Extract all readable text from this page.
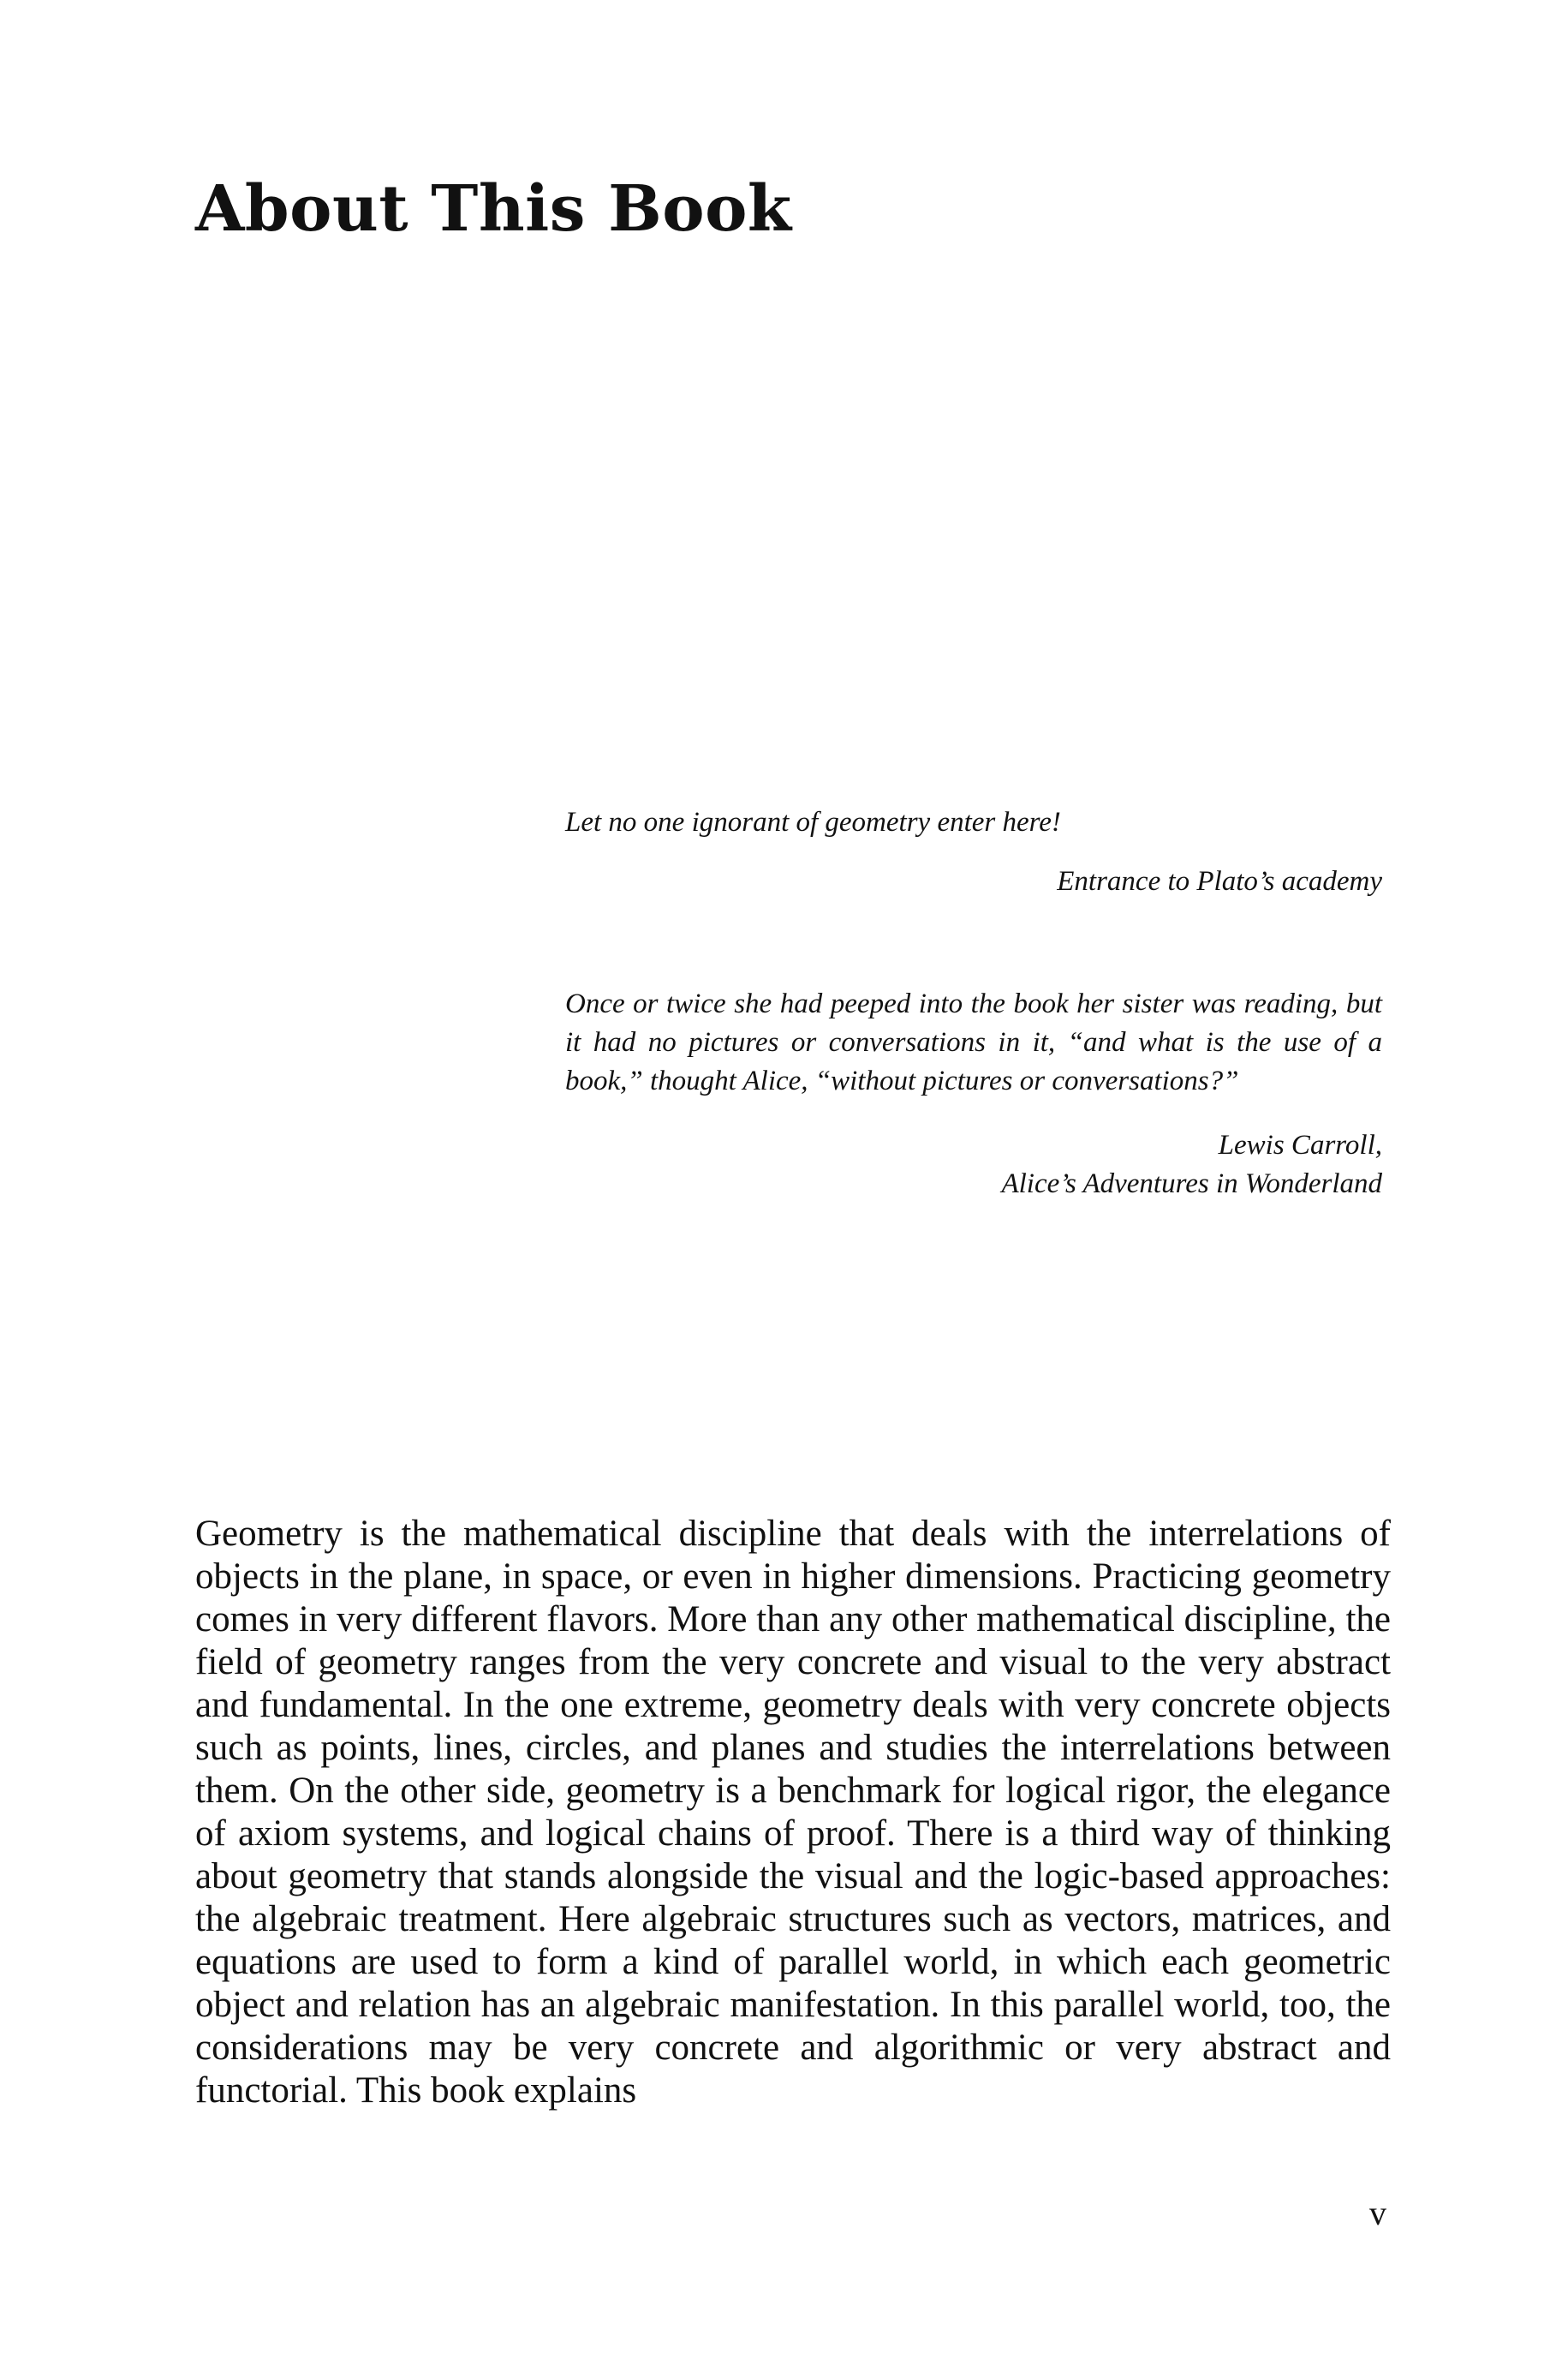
About This Book

Let no one ignorant of geometry enter here!

Entrance to Plato’s academy

Once or twice she had peeped into the book her sister was reading, but it had no pictures or conversations in it, “and what is the use of a book,” thought Alice, “without pictures or conversations?”

Lewis Carroll,
Alice’s Adventures in Wonderland

Geometry is the mathematical discipline that deals with the interrelations of objects in the plane, in space, or even in higher dimensions. Practicing geometry comes in very different flavors. More than any other mathematical discipline, the field of geometry ranges from the very concrete and visual to the very abstract and fundamental. In the one extreme, geometry deals with very concrete objects such as points, lines, circles, and planes and studies the interrelations between them. On the other side, geometry is a benchmark for logical rigor, the elegance of axiom systems, and logical chains of proof. There is a third way of thinking about geometry that stands alongside the visual and the logic-based approaches: the algebraic treatment. Here algebraic structures such as vectors, matrices, and equations are used to form a kind of parallel world, in which each geometric object and relation has an algebraic manifestation. In this parallel world, too, the considerations may be very concrete and algorithmic or very abstract and functorial. This book explains

v
